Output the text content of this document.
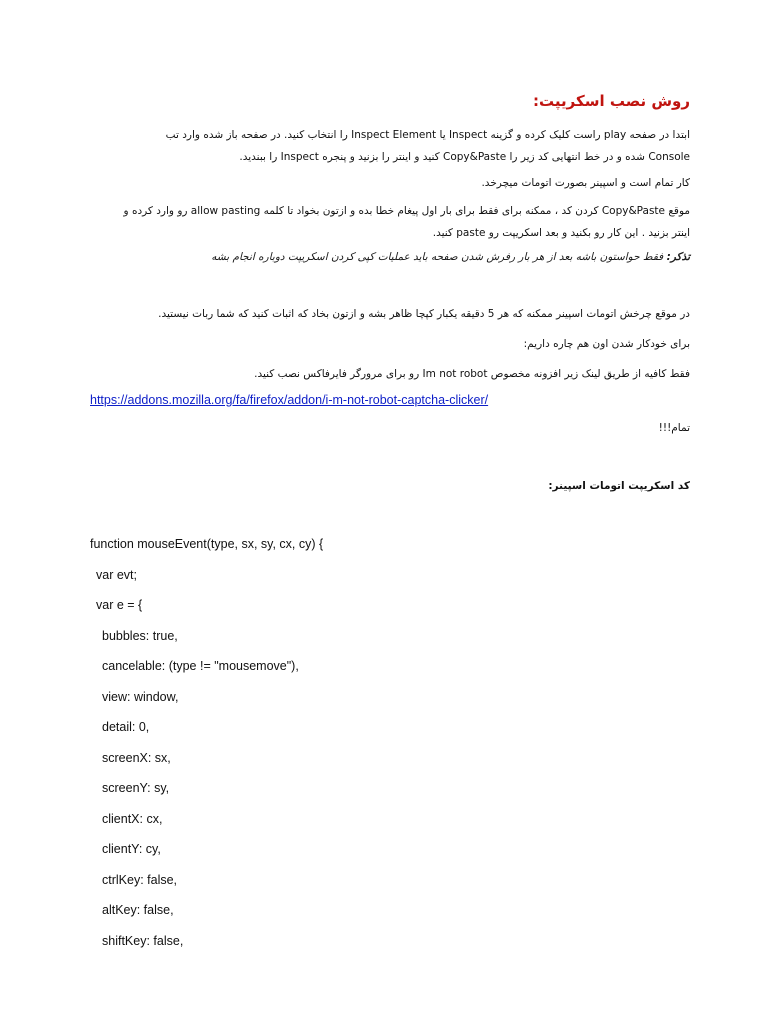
روش نصب اسکریپت:
ابتدا در صفحه play راست کلیک کرده و گزینه Inspect یا Inspect Element را انتخاب کنید. در صفحه باز شده وارد تب
Console شده و در خط انتهایی کد زیر را Copy&Paste کنید و اینتر را بزنید و پنجره Inspect را ببندید.
کار تمام است و اسپینر بصورت اتومات میچرخد.
موقع Copy&Paste کردن کد ، ممکنه برای فقط برای بار اول پیغام خطا بده و ازتون بخواد تا کلمه allow pasting رو وارد کرده و
اینتر بزنید . این کار رو بکنید و بعد اسکریپت رو paste کنید.
تذکر: فقط حواستون باشه بعد از هر بار رفرش شدن صفحه باید عملیات کپی کردن اسکریپت دوباره انجام بشه
در موقع چرخش اتومات اسپینر ممکنه که هر 5 دقیقه یکبار کپچا ظاهر بشه و ازتون بخاد که اثبات کنید که شما ربات نیستید.
برای خودکار شدن اون هم چاره داریم:
فقط کافیه از طریق لینک زیر افزونه مخصوص Im not robot رو برای مرورگر فایرفاکس نصب کنید.
https://addons.mozilla.org/fa/firefox/addon/i-m-not-robot-captcha-clicker/
تمام!!!
کد اسکریپت اتومات اسپینر:
function mouseEvent(type, sx, sy, cx, cy) {
var evt;
var e = {
bubbles: true,
cancelable: (type != "mousemove"),
view: window,
detail: 0,
screenX: sx,
screenY: sy,
clientX: cx,
clientY: cy,
ctrlKey: false,
altKey: false,
shiftKey: false,
